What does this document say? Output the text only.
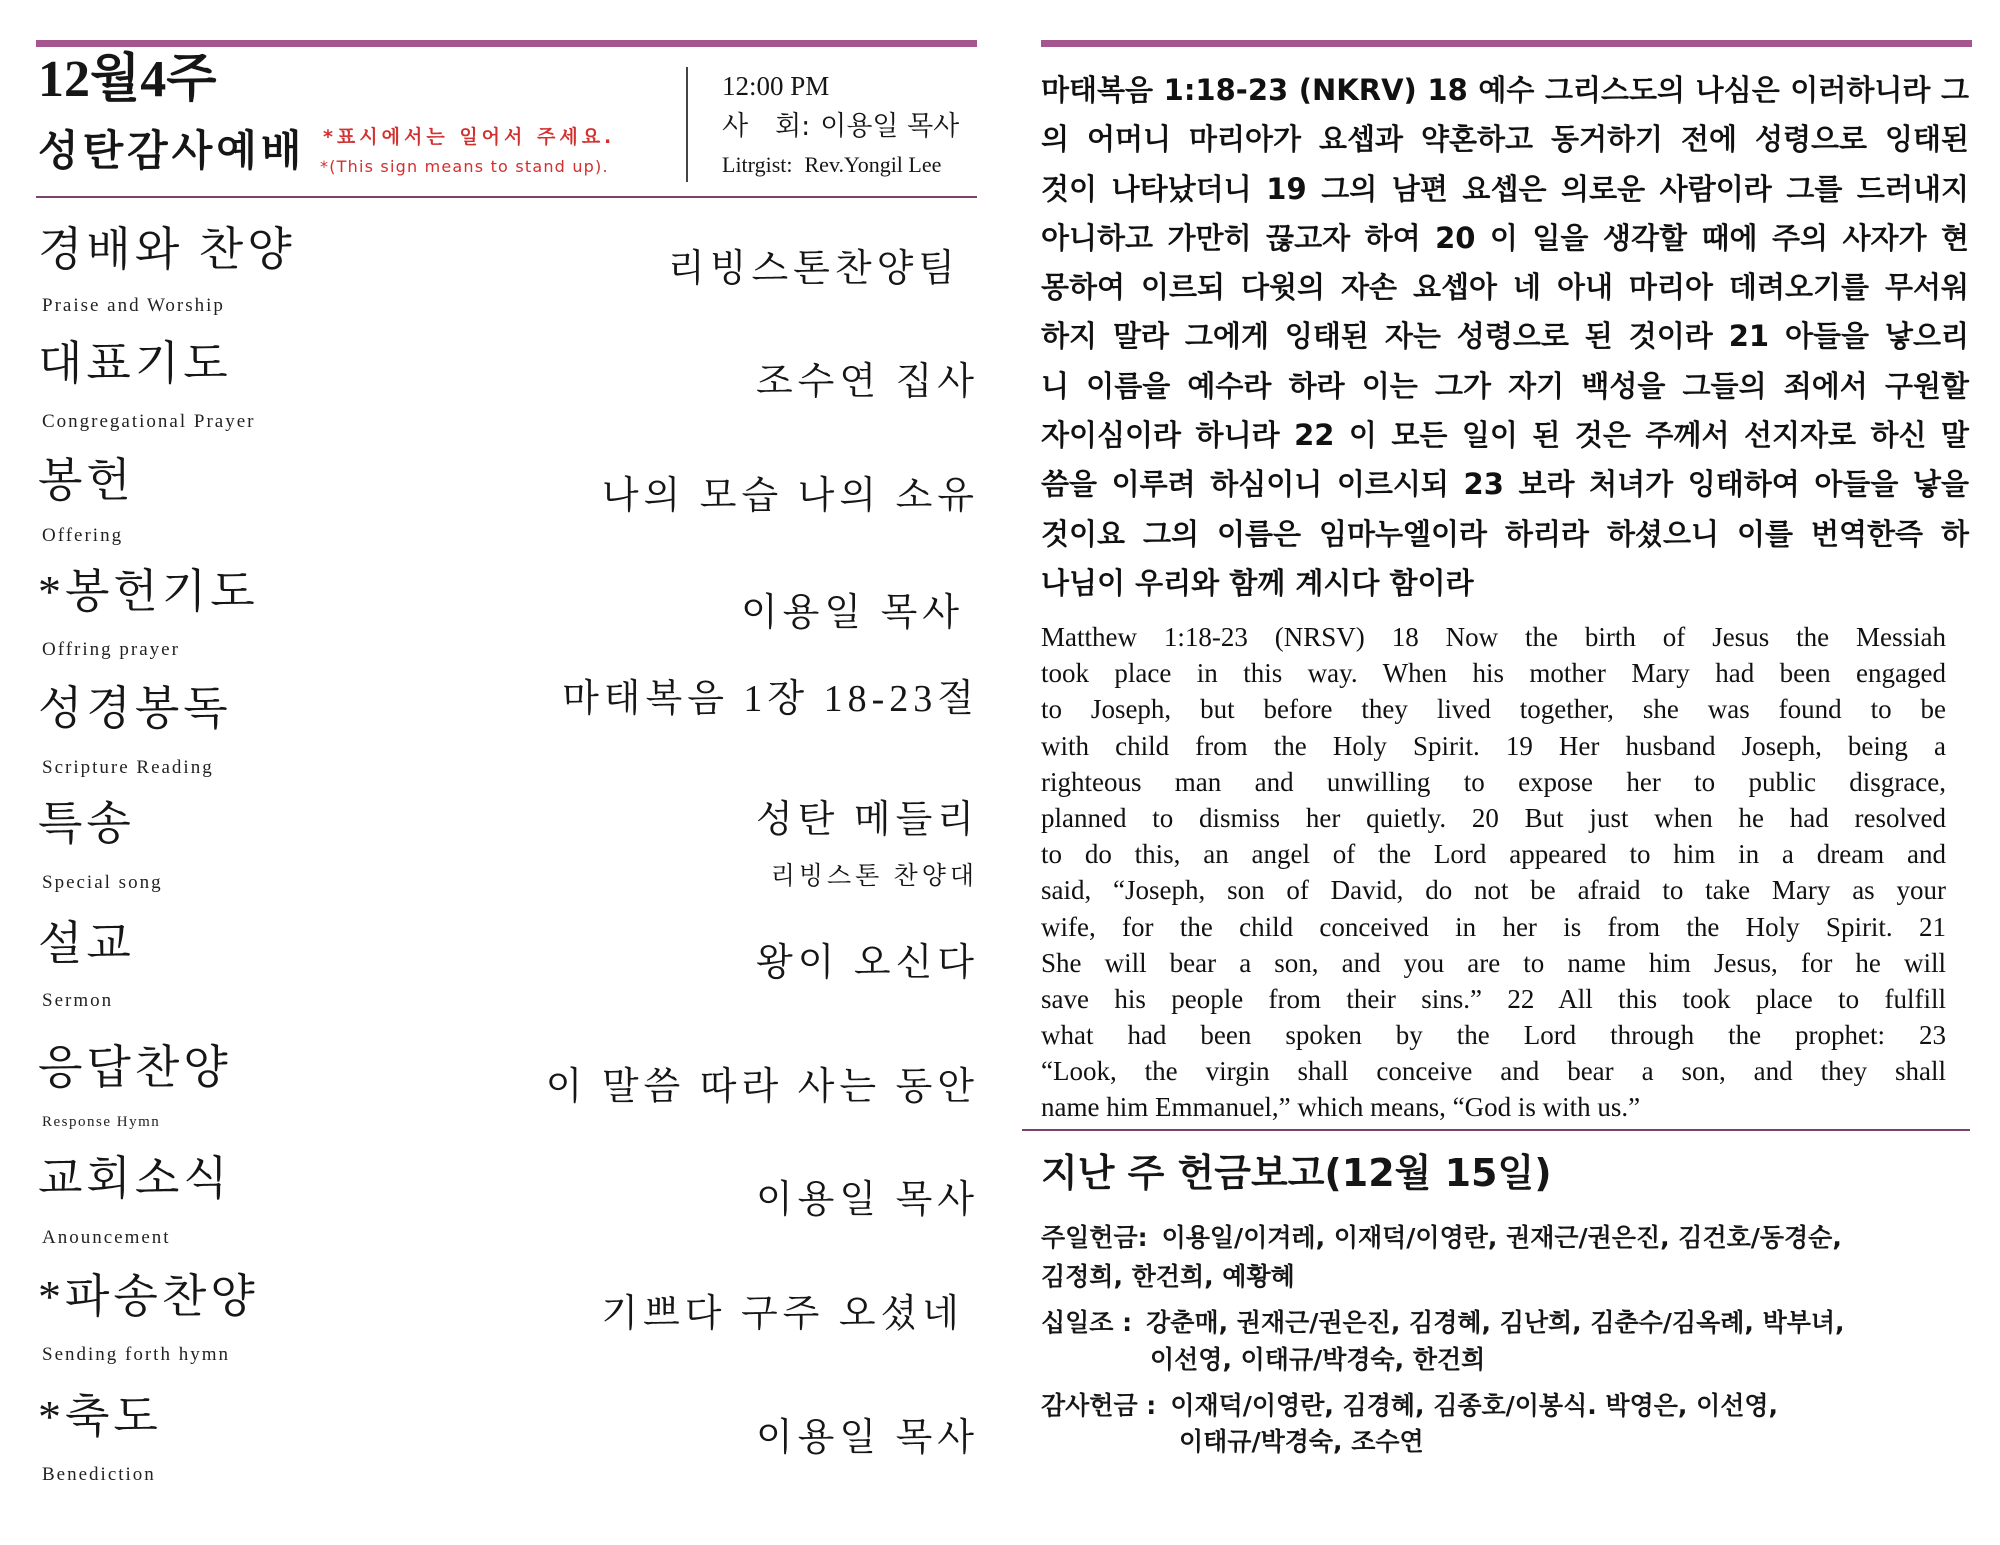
12월4주
성탄감사예배 *표시에서는 일어서 주세요.
*(This sign means to stand up).
12:00 PM
사　회: 이용일 목사
Litrgist: Rev.Yongil Lee
경배와 찬양
Praise and Worship
리빙스톤찬양팀
대표기도
Congregational Prayer
조수연 집사
봉헌
Offering
나의 모습 나의 소유
*봉헌기도
Offring prayer
이용일 목사
성경봉독
Scripture Reading
마태복음 1장 18-23절
특송
Special song
성탄 메들리
리빙스톤 찬양대
설교
Sermon
왕이 오신다
응답찬양
Response Hymn
이 말씀 따라 사는 동안
교회소식
Anouncement
이용일 목사
*파송찬양
Sending forth hymn
기쁘다 구주 오셨네
*축도
Benediction
이용일 목사
마태복음 1:18-23 (NKRV) 18 예수 그리스도의 나심은 이러하니라 그
의 어머니 마리아가 요셉과 약혼하고 동거하기 전에 성령으로 잉태된
것이 나타났더니 19 그의 남편 요셉은 의로운 사람이라 그를 드러내지
아니하고 가만히 끊고자 하여 20 이 일을 생각할 때에 주의 사자가 현
몽하여 이르되 다윗의 자손 요셉아 네 아내 마리아 데려오기를 무서워
하지 말라 그에게 잉태된 자는 성령으로 된 것이라 21 아들을 낳으리
니 이름을 예수라 하라 이는 그가 자기 백성을 그들의 죄에서 구원할
자이심이라 하니라 22 이 모든 일이 된 것은 주께서 선지자로 하신 말
씀을 이루려 하심이니 이르시되 23 보라 처녀가 잉태하여 아들을 낳을
것이요 그의 이름은 임마누엘이라 하리라 하셨으니 이를 번역한즉 하
나님이 우리와 함께 계시다 함이라
Matthew 1:18-23 (NRSV) 18 Now the birth of Jesus the Messiah
took place in this way. When his mother Mary had been engaged
to Joseph, but before they lived together, she was found to be
with child from the Holy Spirit. 19 Her husband Joseph, being a
righteous man and unwilling to expose her to public disgrace,
planned to dismiss her quietly. 20 But just when he had resolved
to do this, an angel of the Lord appeared to him in a dream and
said, “Joseph, son of David, do not be afraid to take Mary as your
wife, for the child conceived in her is from the Holy Spirit. 21
She will bear a son, and you are to name him Jesus, for he will
save his people from their sins.” 22 All this took place to fulfill
what had been spoken by the Lord through the prophet: 23
“Look, the virgin shall conceive and bear a son, and they shall
name him Emmanuel,” which means, “God is with us.”
지난 주 헌금보고(12월 15일)
주일헌금: 이용일/이겨레, 이재덕/이영란, 권재근/권은진, 김건호/동경순,
김정희, 한건희, 예황혜
십일조 : 강춘매, 권재근/권은진, 김경혜, 김난희, 김춘수/김옥례, 박부녀,
이선영, 이태규/박경숙, 한건희
감사헌금 : 이재덕/이영란, 김경혜, 김종호/이봉식. 박영은, 이선영,
이태규/박경숙, 조수연
